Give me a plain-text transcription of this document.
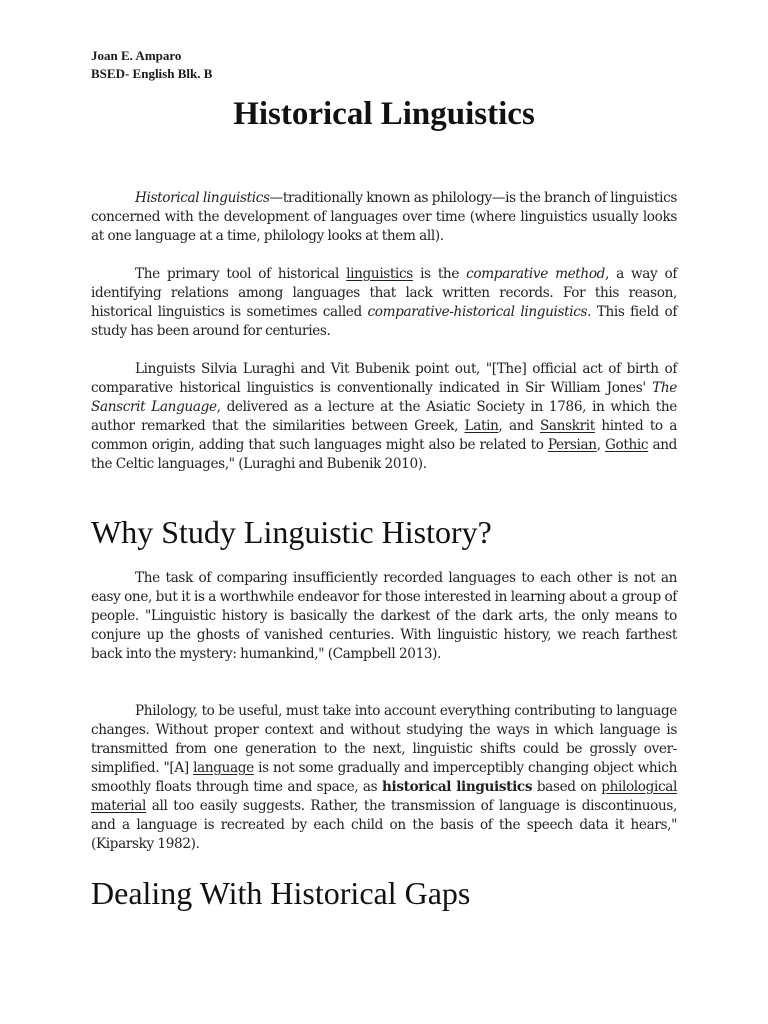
Joan E. Amparo
BSED- English Blk. B
Historical Linguistics

Historical linguistics—traditionally known as philology—is the branch of linguistics concerned with the development of languages over time (where linguistics usually looks at one language at a time, philology looks at them all).

The primary tool of historical linguistics is the comparative method, a way of identifying relations among languages that lack written records. For this reason, historical linguistics is sometimes called comparative-historical linguistics. This field of study has been around for centuries.

Linguists Silvia Luraghi and Vit Bubenik point out, "[The] official act of birth of comparative historical linguistics is conventionally indicated in Sir William Jones' The Sanscrit Language, delivered as a lecture at the Asiatic Society in 1786, in which the author remarked that the similarities between Greek, Latin, and Sanskrit hinted to a common origin, adding that such languages might also be related to Persian, Gothic and the Celtic languages," (Luraghi and Bubenik 2010).

Why Study Linguistic History?

The task of comparing insufficiently recorded languages to each other is not an easy one, but it is a worthwhile endeavor for those interested in learning about a group of people. "Linguistic history is basically the darkest of the dark arts, the only means to conjure up the ghosts of vanished centuries. With linguistic history, we reach farthest back into the mystery: humankind," (Campbell 2013).

Philology, to be useful, must take into account everything contributing to language changes. Without proper context and without studying the ways in which language is transmitted from one generation to the next, linguistic shifts could be grossly over-simplified. "[A] language is not some gradually and imperceptibly changing object which smoothly floats through time and space, as historical linguistics based on philological material all too easily suggests. Rather, the transmission of language is discontinuous, and a language is recreated by each child on the basis of the speech data it hears," (Kiparsky 1982).

Dealing With Historical Gaps
